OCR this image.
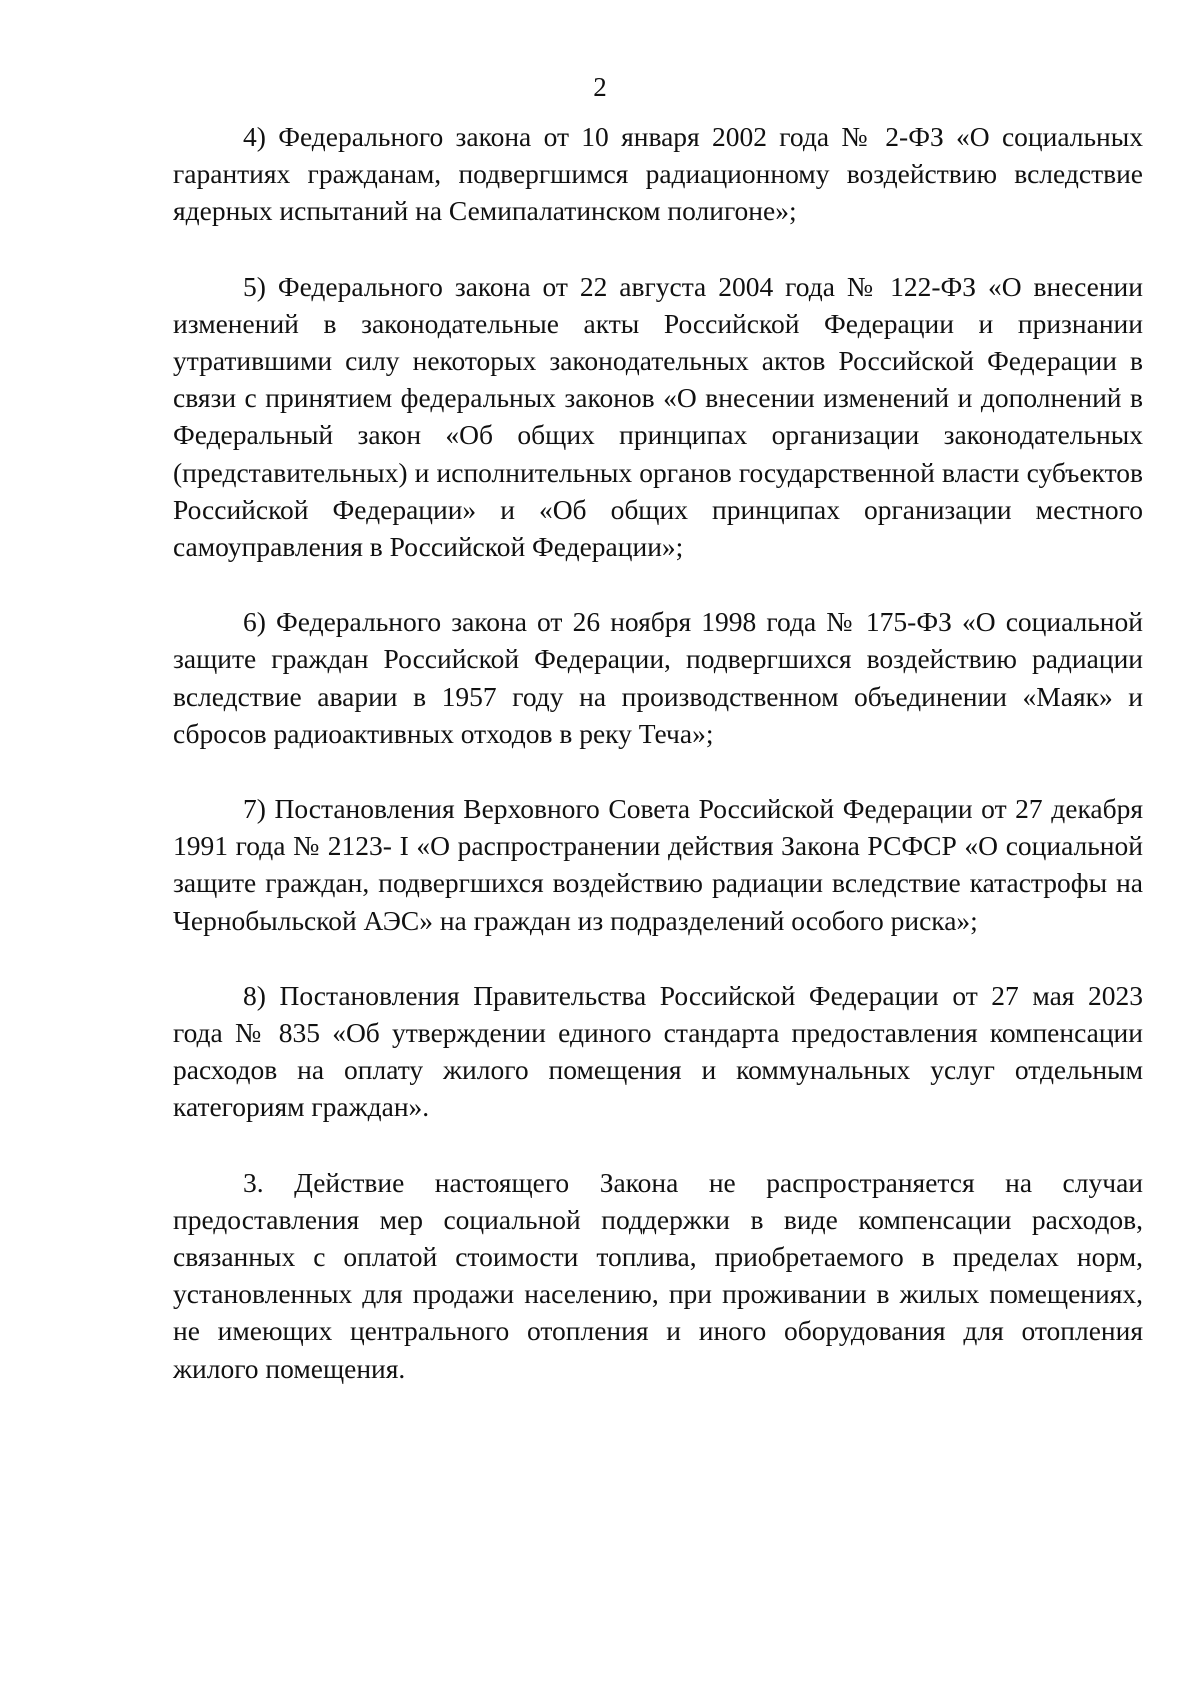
2

4) Федерального закона от 10 января 2002 года № 2-ФЗ «О социальных гарантиях гражданам, подвергшимся радиационному воздействию вследствие ядерных испытаний на Семипалатинском полигоне»;

5) Федерального закона от 22 августа 2004 года № 122-ФЗ «О внесении изменений в законодательные акты Российской Федерации и признании утратившими силу некоторых законодательных актов Российской Федерации в связи с принятием федеральных законов «О внесении изменений и дополнений в Федеральный закон «Об общих принципах организации законодательных (представительных) и исполнительных органов государственной власти субъектов Российской Федерации» и «Об общих принципах организации местного самоуправления в Российской Федерации»;

6) Федерального закона от 26 ноября 1998 года № 175-ФЗ «О социальной защите граждан Российской Федерации, подвергшихся воздействию радиации вследствие аварии в 1957 году на производственном объединении «Маяк» и сбросов радиоактивных отходов в реку Теча»;

7) Постановления Верховного Совета Российской Федерации от 27 декабря 1991 года № 2123- I «О распространении действия Закона РСФСР «О социальной защите граждан, подвергшихся воздействию радиации вследствие катастрофы на Чернобыльской АЭС» на граждан из подразделений особого риска»;

8) Постановления Правительства Российской Федерации от 27 мая 2023 года № 835 «Об утверждении единого стандарта предоставления компенсации расходов на оплату жилого помещения и коммунальных услуг отдельным категориям граждан».

3. Действие настоящего Закона не распространяется на случаи предоставления мер социальной поддержки в виде компенсации расходов, связанных с оплатой стоимости топлива, приобретаемого в пределах норм, установленных для продажи населению, при проживании в жилых помещениях, не имеющих центрального отопления и иного оборудования для отопления жилого помещения.
